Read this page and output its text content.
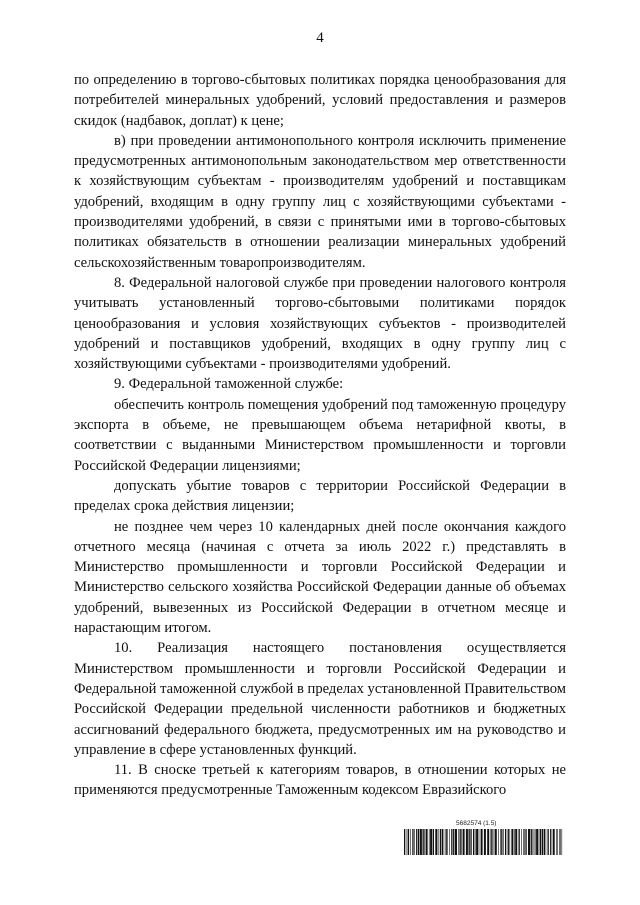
4

по определению в торгово-сбытовых политиках порядка ценообразования для потребителей минеральных удобрений, условий предоставления и размеров скидок (надбавок, доплат) к цене;

в) при проведении антимонопольного контроля исключить применение предусмотренных антимонопольным законодательством мер ответственности к хозяйствующим субъектам - производителям удобрений и поставщикам удобрений, входящим в одну группу лиц с хозяйствующими субъектами - производителями удобрений, в связи с принятыми ими в торгово-сбытовых политиках обязательств в отношении реализации минеральных удобрений сельскохозяйственным товаропроизводителям.

8. Федеральной налоговой службе при проведении налогового контроля учитывать установленный торгово-сбытовыми политиками порядок ценообразования и условия хозяйствующих субъектов - производителей удобрений и поставщиков удобрений, входящих в одну группу лиц с хозяйствующими субъектами - производителями удобрений.

9. Федеральной таможенной службе:

обеспечить контроль помещения удобрений под таможенную процедуру экспорта в объеме, не превышающем объема нетарифной квоты, в соответствии с выданными Министерством промышленности и торговли Российской Федерации лицензиями;

допускать убытие товаров с территории Российской Федерации в пределах срока действия лицензии;

не позднее чем через 10 календарных дней после окончания каждого отчетного месяца (начиная с отчета за июль 2022 г.) представлять в Министерство промышленности и торговли Российской Федерации и Министерство сельского хозяйства Российской Федерации данные об объемах удобрений, вывезенных из Российской Федерации в отчетном месяце и нарастающим итогом.

10. Реализация настоящего постановления осуществляется Министерством промышленности и торговли Российской Федерации и Федеральной таможенной службой в пределах установленной Правительством Российской Федерации предельной численности работников и бюджетных ассигнований федерального бюджета, предусмотренных им на руководство и управление в сфере установленных функций.

11. В сноске третьей к категориям товаров, в отношении которых не применяются предусмотренные Таможенным кодексом Евразийского

5682574 (1.5)
